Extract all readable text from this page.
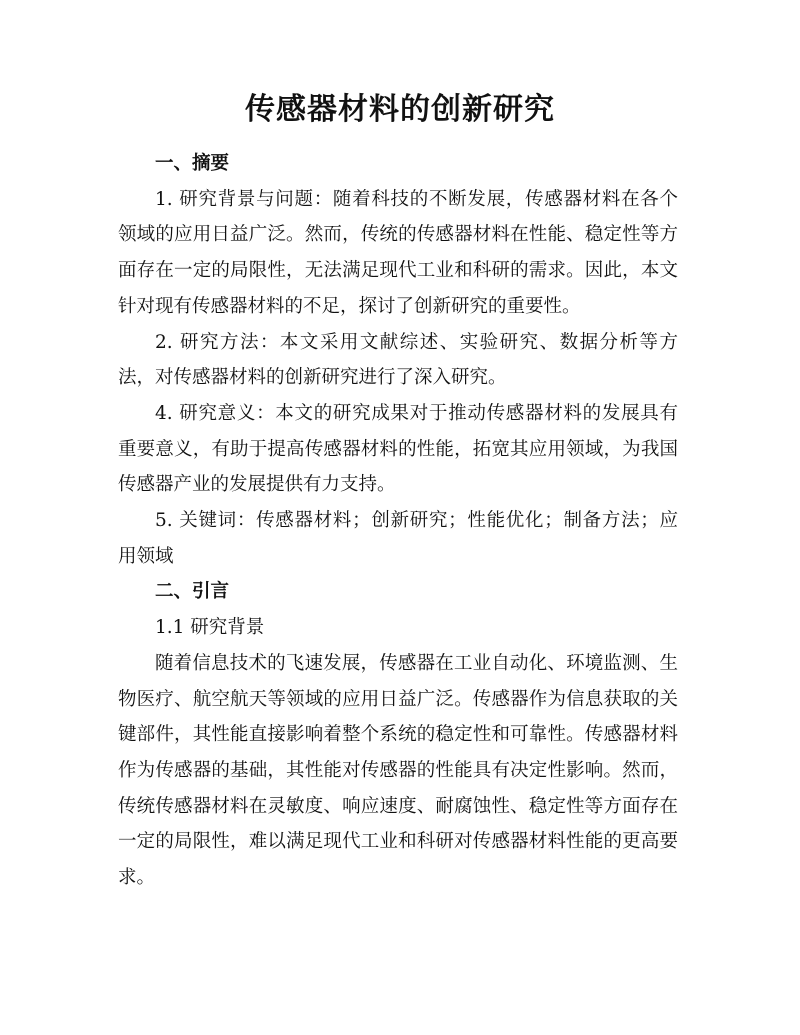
传感器材料的创新研究

一、摘要

1. 研究背景与问题：随着科技的不断发展，传感器材料在各个领域的应用日益广泛。然而，传统的传感器材料在性能、稳定性等方面存在一定的局限性，无法满足现代工业和科研的需求。因此，本文针对现有传感器材料的不足，探讨了创新研究的重要性。

2. 研究方法：本文采用文献综述、实验研究、数据分析等方法，对传感器材料的创新研究进行了深入研究。

4. 研究意义：本文的研究成果对于推动传感器材料的发展具有重要意义，有助于提高传感器材料的性能，拓宽其应用领域，为我国传感器产业的发展提供有力支持。

5. 关键词：传感器材料；创新研究；性能优化；制备方法；应用领域

二、引言

1.1 研究背景

随着信息技术的飞速发展，传感器在工业自动化、环境监测、生物医疗、航空航天等领域的应用日益广泛。传感器作为信息获取的关键部件，其性能直接影响着整个系统的稳定性和可靠性。传感器材料作为传感器的基础，其性能对传感器的性能具有决定性影响。然而，传统传感器材料在灵敏度、响应速度、耐腐蚀性、稳定性等方面存在一定的局限性，难以满足现代工业和科研对传感器材料性能的更高要求。
